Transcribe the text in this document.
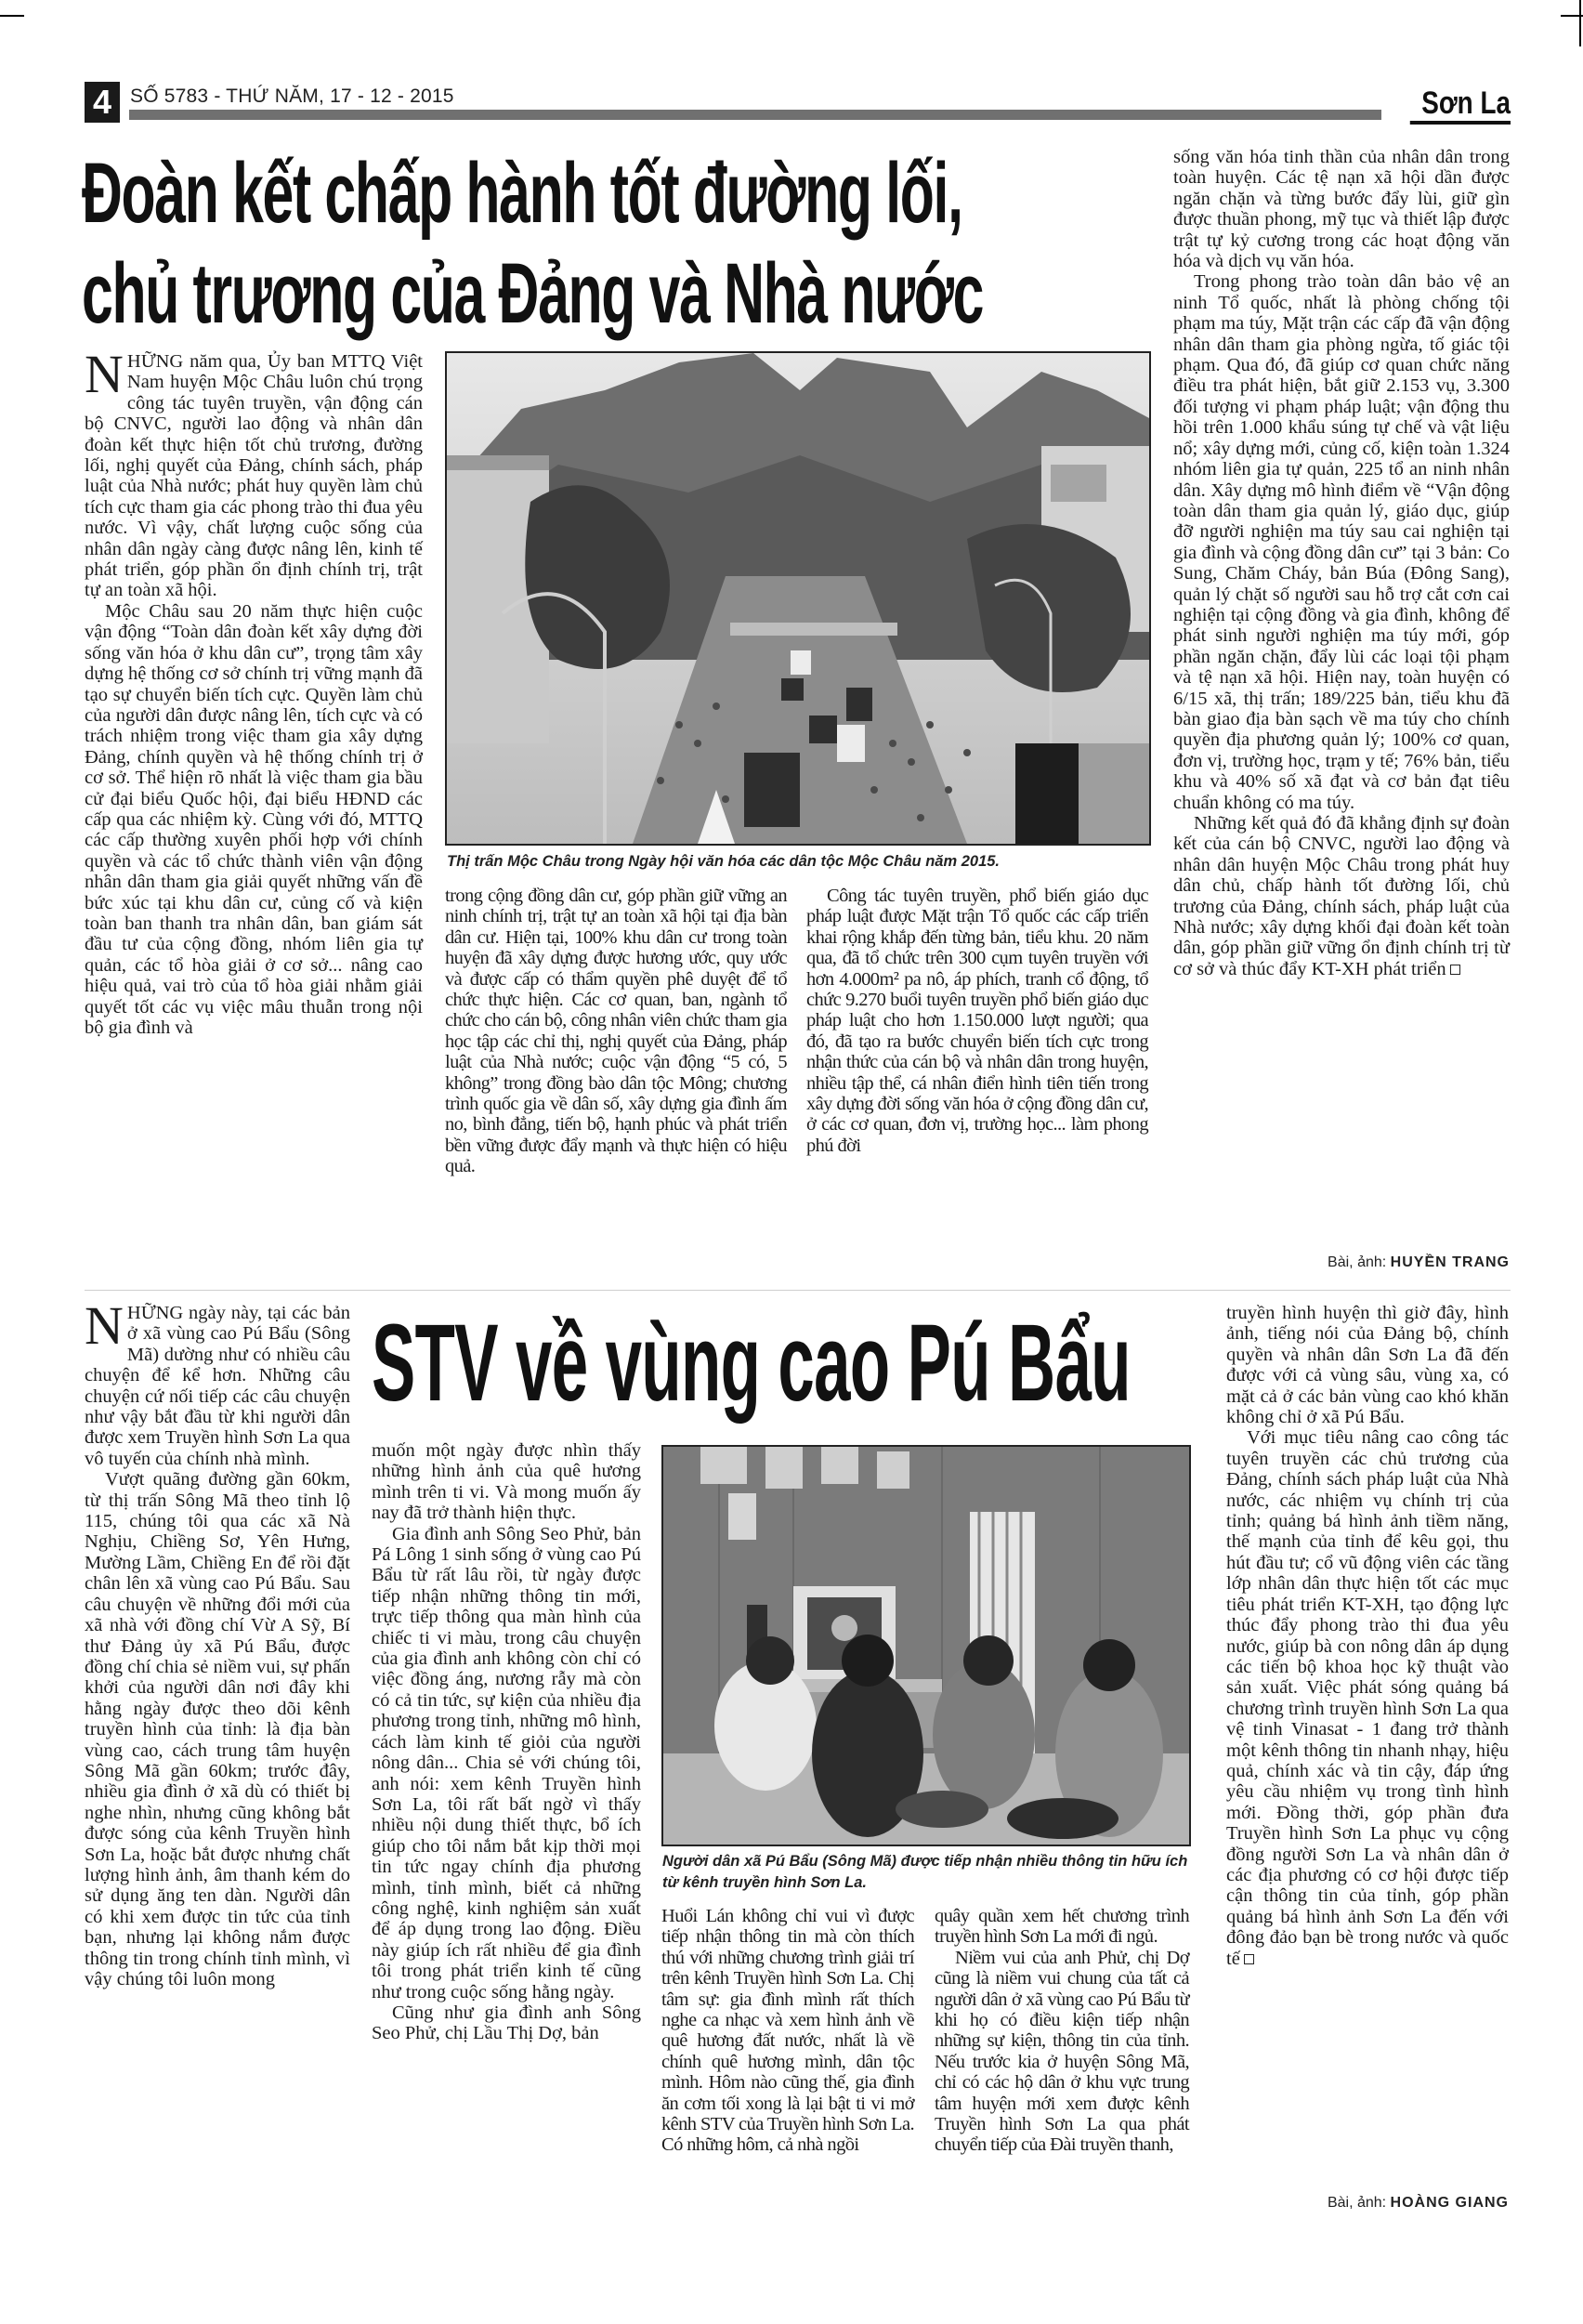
4 SỐ 5783 - THỨ NĂM, 17 - 12 - 2015	Sơn La
Đoàn kết chấp hành tốt đường lối,
chủ trương của Đảng và Nhà nước

NHỮNG năm qua, Ủy ban MTTQ Việt Nam huyện Mộc Châu luôn chú trọng công tác tuyên truyền, vận động cán bộ CNVC, người lao động và nhân dân đoàn kết thực hiện tốt chủ trương, đường lối, nghị quyết của Đảng, chính sách, pháp luật của Nhà nước; phát huy quyền làm chủ tích cực tham gia các phong trào thi đua yêu nước. Vì vậy, chất lượng cuộc sống của nhân dân ngày càng được nâng lên, kinh tế phát triển, góp phần ổn định chính trị, trật tự an toàn xã hội.

Mộc Châu sau 20 năm thực hiện cuộc vận động “Toàn dân đoàn kết xây dựng đời sống văn hóa ở khu dân cư”, trọng tâm xây dựng hệ thống cơ sở chính trị vững mạnh đã tạo sự chuyển biến tích cực. Quyền làm chủ của người dân được nâng lên, tích cực và có trách nhiệm trong việc tham gia xây dựng Đảng, chính quyền và hệ thống chính trị ở cơ sở. Thể hiện rõ nhất là việc tham gia bầu cử đại biểu Quốc hội, đại biểu HĐND các cấp qua các nhiệm kỳ. Cùng với đó, MTTQ các cấp thường xuyên phối hợp với chính quyền và các tổ chức thành viên vận động nhân dân tham gia giải quyết những vấn đề bức xúc tại khu dân cư, củng cố và kiện toàn ban thanh tra nhân dân, ban giám sát đầu tư của cộng đồng, nhóm liên gia tự quản, các tổ hòa giải ở cơ sở... nâng cao hiệu quả, vai trò của tổ hòa giải nhằm giải quyết tốt các vụ việc mâu thuẫn trong nội bộ gia đình và

Thị trấn Mộc Châu trong Ngày hội văn hóa các dân tộc Mộc Châu năm 2015.

trong cộng đồng dân cư, góp phần giữ vững an ninh chính trị, trật tự an toàn xã hội tại địa bàn dân cư. Hiện tại, 100% khu dân cư trong toàn huyện đã xây dựng được hương ước, quy ước và được cấp có thẩm quyền phê duyệt để tổ chức thực hiện. Các cơ quan, ban, ngành tổ chức cho cán bộ, công nhân viên chức tham gia học tập các chỉ thị, nghị quyết của Đảng, pháp luật của Nhà nước; cuộc vận động “5 có, 5 không” trong đồng bào dân tộc Mông; chương trình quốc gia về dân số, xây dựng gia đình ấm no, bình đẳng, tiến bộ, hạnh phúc và phát triển bền vững được đẩy mạnh và thực hiện có hiệu quả.

Công tác tuyên truyền, phổ biến giáo dục pháp luật được Mặt trận Tổ quốc các cấp triển khai rộng khắp đến từng bản, tiểu khu. 20 năm qua, đã tổ chức trên 300 cụm tuyên truyền với hơn 4.000m² pa nô, áp phích, tranh cổ động, tổ chức 9.270 buổi tuyên truyền phổ biến giáo dục pháp luật cho hơn 1.150.000 lượt người; qua đó, đã tạo ra bước chuyển biến tích cực trong nhận thức của cán bộ và nhân dân trong huyện, nhiều tập thể, cá nhân điển hình tiên tiến trong xây dựng đời sống văn hóa ở cộng đồng dân cư, ở các cơ quan, đơn vị, trường học... làm phong phú đời

sống văn hóa tinh thần của nhân dân trong toàn huyện. Các tệ nạn xã hội dần được ngăn chặn và từng bước đẩy lùi, giữ gìn được thuần phong, mỹ tục và thiết lập được trật tự kỷ cương trong các hoạt động văn hóa và dịch vụ văn hóa.

Trong phong trào toàn dân bảo vệ an ninh Tổ quốc, nhất là phòng chống tội phạm ma túy, Mặt trận các cấp đã vận động nhân dân tham gia phòng ngừa, tố giác tội phạm. Qua đó, đã giúp cơ quan chức năng điều tra phát hiện, bắt giữ 2.153 vụ, 3.300 đối tượng vi phạm pháp luật; vận động thu hồi trên 1.000 khẩu súng tự chế và vật liệu nổ; xây dựng mới, củng cố, kiện toàn 1.324 nhóm liên gia tự quản, 225 tổ an ninh nhân dân. Xây dựng mô hình điểm về “Vận động toàn dân tham gia quản lý, giáo dục, giúp đỡ người nghiện ma túy sau cai nghiện tại gia đình và cộng đồng dân cư” tại 3 bản: Co Sung, Chăm Cháy, bản Búa (Đông Sang), quản lý chặt số người sau hỗ trợ cắt cơn cai nghiện tại cộng đồng và gia đình, không để phát sinh người nghiện ma túy mới, góp phần ngăn chặn, đẩy lùi các loại tội phạm và tệ nạn xã hội. Hiện nay, toàn huyện có 6/15 xã, thị trấn; 189/225 bản, tiểu khu đã bàn giao địa bàn sạch về ma túy cho chính quyền địa phương quản lý; 100% cơ quan, đơn vị, trường học, trạm y tế; 76% bản, tiểu khu và 40% số xã đạt và cơ bản đạt tiêu chuẩn không có ma túy.

Những kết quả đó đã khẳng định sự đoàn kết của cán bộ CNVC, người lao động và nhân dân huyện Mộc Châu trong phát huy dân chủ, chấp hành tốt đường lối, chủ trương của Đảng, chính sách, pháp luật của Nhà nước; xây dựng khối đại đoàn kết toàn dân, góp phần giữ vững ổn định chính trị từ cơ sở và thúc đẩy KT-XH phát triển

Bài, ảnh: HUYỀN TRANG
STV về vùng cao Pú Bẩu

NHỮNG ngày này, tại các bản ở xã vùng cao Pú Bẩu (Sông Mã) dường như có nhiều câu chuyện để kể hơn. Những câu chuyện cứ nối tiếp các câu chuyện như vậy bắt đầu từ khi người dân được xem Truyền hình Sơn La qua vô tuyến của chính nhà mình.

Vượt quãng đường gần 60km, từ thị trấn Sông Mã theo tỉnh lộ 115, chúng tôi qua các xã Nà Nghịu, Chiềng Sơ, Yên Hưng, Mường Lầm, Chiềng En để rồi đặt chân lên xã vùng cao Pú Bẩu. Sau câu chuyện về những đổi mới của xã nhà với đồng chí Vừ A Sỹ, Bí thư Đảng ủy xã Pú Bẩu, được đồng chí chia sẻ niềm vui, sự phấn khởi của người dân nơi đây khi hằng ngày được theo dõi kênh truyền hình của tỉnh: là địa bàn vùng cao, cách trung tâm huyện Sông Mã gần 60km; trước đây, nhiều gia đình ở xã dù có thiết bị nghe nhìn, nhưng cũng không bắt được sóng của kênh Truyền hình Sơn La, hoặc bắt được nhưng chất lượng hình ảnh, âm thanh kém do sử dụng ăng ten dàn. Người dân có khi xem được tin tức của tỉnh bạn, nhưng lại không nắm được thông tin trong chính tỉnh mình, vì vậy chúng tôi luôn mong

muốn một ngày được nhìn thấy những hình ảnh của quê hương mình trên ti vi. Và mong muốn ấy nay đã trở thành hiện thực.

Gia đình anh Sông Seo Phử, bản Pá Lông 1 sinh sống ở vùng cao Pú Bẩu từ rất lâu rồi, từ ngày được tiếp nhận những thông tin mới, trực tiếp thông qua màn hình của chiếc ti vi màu, trong câu chuyện của gia đình anh không còn chỉ có việc đồng áng, nương rẫy mà còn có cả tin tức, sự kiện của nhiều địa phương trong tỉnh, những mô hình, cách làm kinh tế giỏi của người nông dân... Chia sẻ với chúng tôi, anh nói: xem kênh Truyền hình Sơn La, tôi rất bất ngờ vì thấy nhiều nội dung thiết thực, bổ ích giúp cho tôi nắm bắt kịp thời mọi tin tức ngay chính địa phương mình, tỉnh mình, biết cả những công nghệ, kinh nghiệm sản xuất để áp dụng trong lao động. Điều này giúp ích rất nhiều để gia đình tôi trong phát triển kinh tế cũng như trong cuộc sống hằng ngày.

Cũng như gia đình anh Sông Seo Phử, chị Lầu Thị Dợ, bản

Người dân xã Pú Bẩu (Sông Mã) được tiếp nhận nhiều thông tin hữu ích từ kênh truyền hình Sơn La.

Huổi Lán không chỉ vui vì được tiếp nhận thông tin mà còn thích thú với những chương trình giải trí trên kênh Truyền hình Sơn La. Chị tâm sự: gia đình mình rất thích nghe ca nhạc và xem hình ảnh về quê hương đất nước, nhất là về chính quê hương mình, dân tộc mình. Hôm nào cũng thế, gia đình ăn cơm tối xong là lại bật ti vi mở kênh STV của Truyền hình Sơn La. Có những hôm, cả nhà ngồi

quây quần xem hết chương trình truyền hình Sơn La mới đi ngủ.

Niềm vui của anh Phử, chị Dợ cũng là niềm vui chung của tất cả người dân ở xã vùng cao Pú Bẩu từ khi họ có điều kiện tiếp nhận những sự kiện, thông tin của tỉnh. Nếu trước kia ở huyện Sông Mã, chỉ có các hộ dân ở khu vực trung tâm huyện mới xem được kênh Truyền hình Sơn La qua phát chuyển tiếp của Đài truyền thanh,

truyền hình huyện thì giờ đây, hình ảnh, tiếng nói của Đảng bộ, chính quyền và nhân dân Sơn La đã đến được với cả vùng sâu, vùng xa, có mặt cả ở các bản vùng cao khó khăn không chỉ ở xã Pú Bẩu.

Với mục tiêu nâng cao công tác tuyên truyền các chủ trương của Đảng, chính sách pháp luật của Nhà nước, các nhiệm vụ chính trị của tỉnh; quảng bá hình ảnh tiềm năng, thế mạnh của tỉnh để kêu gọi, thu hút đầu tư; cổ vũ động viên các tầng lớp nhân dân thực hiện tốt các mục tiêu phát triển KT-XH, tạo động lực thúc đẩy phong trào thi đua yêu nước, giúp bà con nông dân áp dụng các tiến bộ khoa học kỹ thuật vào sản xuất. Việc phát sóng quảng bá chương trình truyền hình Sơn La qua vệ tinh Vinasat - 1 đang trở thành một kênh thông tin nhanh nhạy, hiệu quả, chính xác và tin cậy, đáp ứng yêu cầu nhiệm vụ trong tình hình mới. Đồng thời, góp phần đưa Truyền hình Sơn La phục vụ cộng đồng người Sơn La và nhân dân ở các địa phương có cơ hội được tiếp cận thông tin của tỉnh, góp phần quảng bá hình ảnh Sơn La đến với đông đảo bạn bè trong nước và quốc tế

Bài, ảnh: HOÀNG GIANG
